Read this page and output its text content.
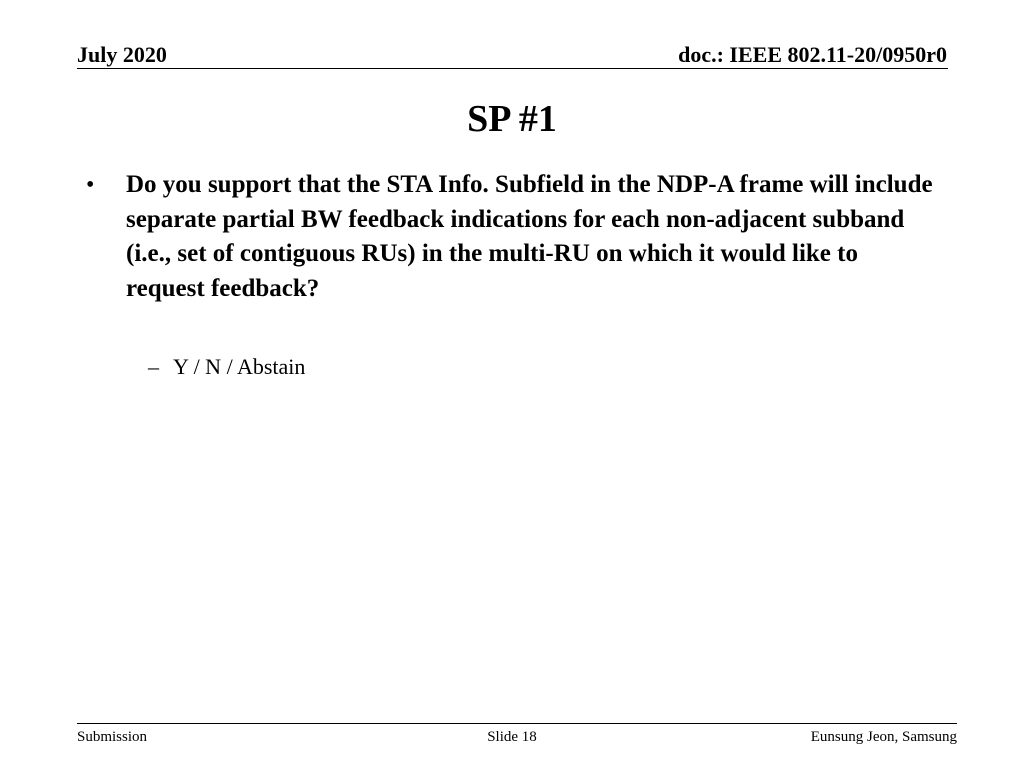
July 2020	doc.: IEEE 802.11-20/0950r0
SP #1
• Do you support that the STA Info. Subfield in the NDP-A frame will include separate partial BW feedback indications for each non-adjacent subband (i.e., set of contiguous RUs) in the multi-RU on which it would like to request feedback?
– Y / N / Abstain
Submission	Slide 18	Eunsung Jeon, Samsung
